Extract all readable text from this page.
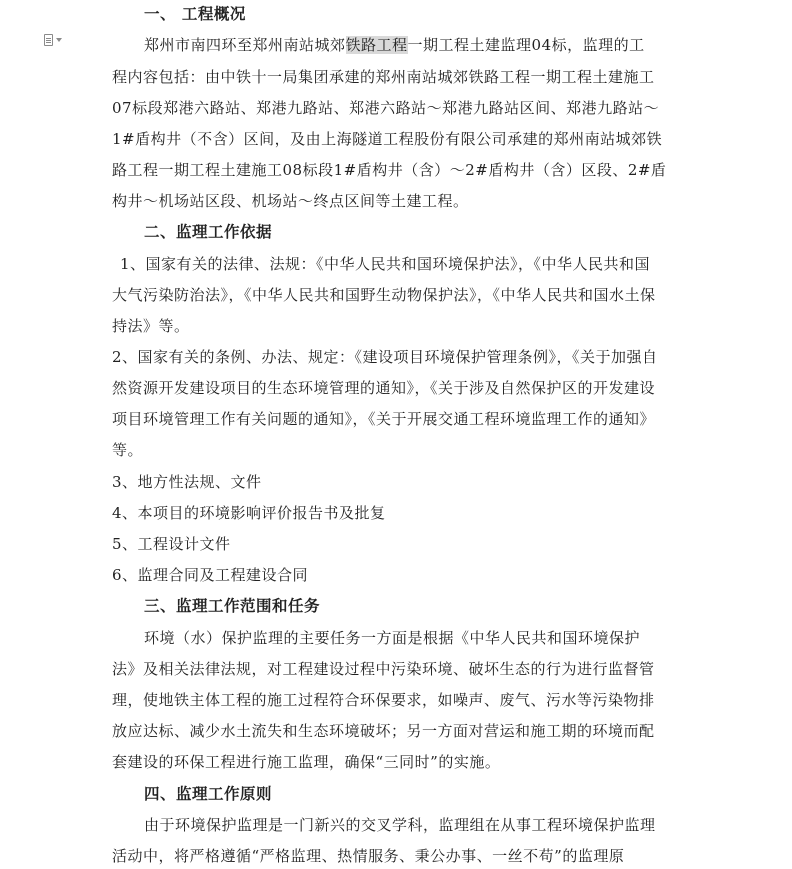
一、 工程概况
郑州市南四环至郑州南站城郊铁路工程一期工程土建监理04标，监理的工
程内容包括：由中铁十一局集团承建的郑州南站城郊铁路工程一期工程土建施工
07标段郑港六路站、郑港九路站、郑港六路站～郑港九路站区间、郑港九路站～
1#盾构井（不含）区间，及由上海隧道工程股份有限公司承建的郑州南站城郊铁
路工程一期工程土建施工08标段1#盾构井（含）～2#盾构井（含）区段、2#盾
构井～机场站区段、机场站～终点区间等土建工程。
二、监理工作依据
1、国家有关的法律、法规：《中华人民共和国环境保护法》，《中华人民共和国
大气污染防治法》，《中华人民共和国野生动物保护法》，《中华人民共和国水土保
持法》等。
2、国家有关的条例、办法、规定：《建设项目环境保护管理条例》，《关于加强自
然资源开发建设项目的生态环境管理的通知》，《关于涉及自然保护区的开发建设
项目环境管理工作有关问题的通知》，《关于开展交通工程环境监理工作的通知》
等。
3、地方性法规、文件
4、本项目的环境影响评价报告书及批复
5、工程设计文件
6、监理合同及工程建设合同
三、监理工作范围和任务
环境（水）保护监理的主要任务一方面是根据《中华人民共和国环境保护
法》及相关法律法规，对工程建设过程中污染环境、破坏生态的行为进行监督管
理，使地铁主体工程的施工过程符合环保要求，如噪声、废气、污水等污染物排
放应达标、减少水土流失和生态环境破坏；另一方面对营运和施工期的环境而配
套建设的环保工程进行施工监理，确保“三同时”的实施。
四、监理工作原则
由于环境保护监理是一门新兴的交叉学科，监理组在从事工程环境保护监理
活动中，将严格遵循“严格监理、热情服务、秉公办事、一丝不苟”的监理原
